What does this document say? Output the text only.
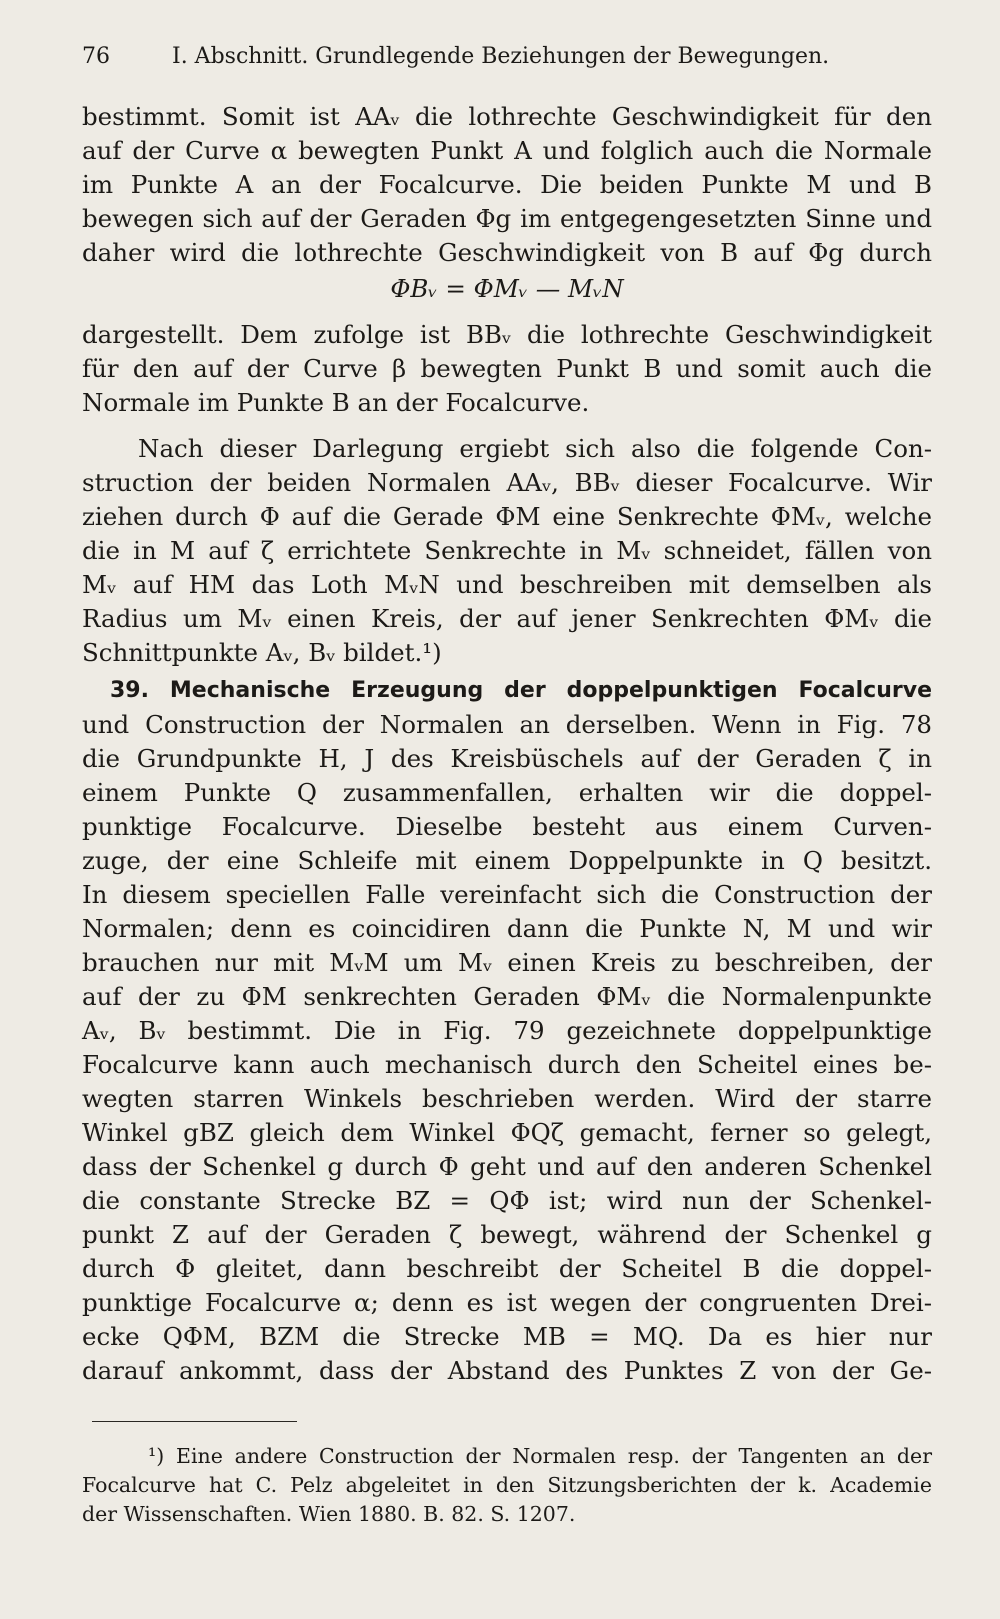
76	I. Abschnitt. Grundlegende Beziehungen der Bewegungen.
bestimmt. Somit ist AAᵥ die lothrechte Geschwindigkeit für den
auf der Curve α bewegten Punkt A und folglich auch die Normale
im Punkte A an der Focalcurve. Die beiden Punkte M und B
bewegen sich auf der Geraden Φg im entgegengesetzten Sinne und
daher wird die lothrechte Geschwindigkeit von B auf Φg durch
ΦBᵥ = ΦMᵥ — MᵥN
dargestellt. Dem zufolge ist BBᵥ die lothrechte Geschwindigkeit
für den auf der Curve β bewegten Punkt B und somit auch die
Normale im Punkte B an der Focalcurve.
Nach dieser Darlegung ergiebt sich also die folgende Con-
struction der beiden Normalen AAᵥ, BBᵥ dieser Focalcurve. Wir
ziehen durch Φ auf die Gerade ΦM eine Senkrechte ΦMᵥ, welche
die in M auf ζ errichtete Senkrechte in Mᵥ schneidet, fällen von
Mᵥ auf HM das Loth MᵥN und beschreiben mit demselben als
Radius um Mᵥ einen Kreis, der auf jener Senkrechten ΦMᵥ die
Schnittpunkte Aᵥ, Bᵥ bildet.¹)
39. Mechanische Erzeugung der doppelpunktigen Focalcurve
und Construction der Normalen an derselben. Wenn in Fig. 78
die Grundpunkte H, J des Kreisbüschels auf der Geraden ζ in
einem Punkte Q zusammenfallen, erhalten wir die doppel-
punktige Focalcurve. Dieselbe besteht aus einem Curven-
zuge, der eine Schleife mit einem Doppelpunkte in Q besitzt.
In diesem speciellen Falle vereinfacht sich die Construction der
Normalen; denn es coincidiren dann die Punkte N, M und wir
brauchen nur mit MᵥM um Mᵥ einen Kreis zu beschreiben, der
auf der zu ΦM senkrechten Geraden ΦMᵥ die Normalenpunkte
Aᵥ, Bᵥ bestimmt. Die in Fig. 79 gezeichnete doppelpunktige
Focalcurve kann auch mechanisch durch den Scheitel eines be-
wegten starren Winkels beschrieben werden. Wird der starre
Winkel gBZ gleich dem Winkel ΦQζ gemacht, ferner so gelegt,
dass der Schenkel g durch Φ geht und auf den anderen Schenkel
die constante Strecke BZ = QΦ ist; wird nun der Schenkel-
punkt Z auf der Geraden ζ bewegt, während der Schenkel g
durch Φ gleitet, dann beschreibt der Scheitel B die doppel-
punktige Focalcurve α; denn es ist wegen der congruenten Drei-
ecke QΦM, BZM die Strecke MB = MQ. Da es hier nur
darauf ankommt, dass der Abstand des Punktes Z von der Ge-
¹) Eine andere Construction der Normalen resp. der Tangenten an der
Focalcurve hat C. Pelz abgeleitet in den Sitzungsberichten der k. Academie
der Wissenschaften. Wien 1880. B. 82. S. 1207.
